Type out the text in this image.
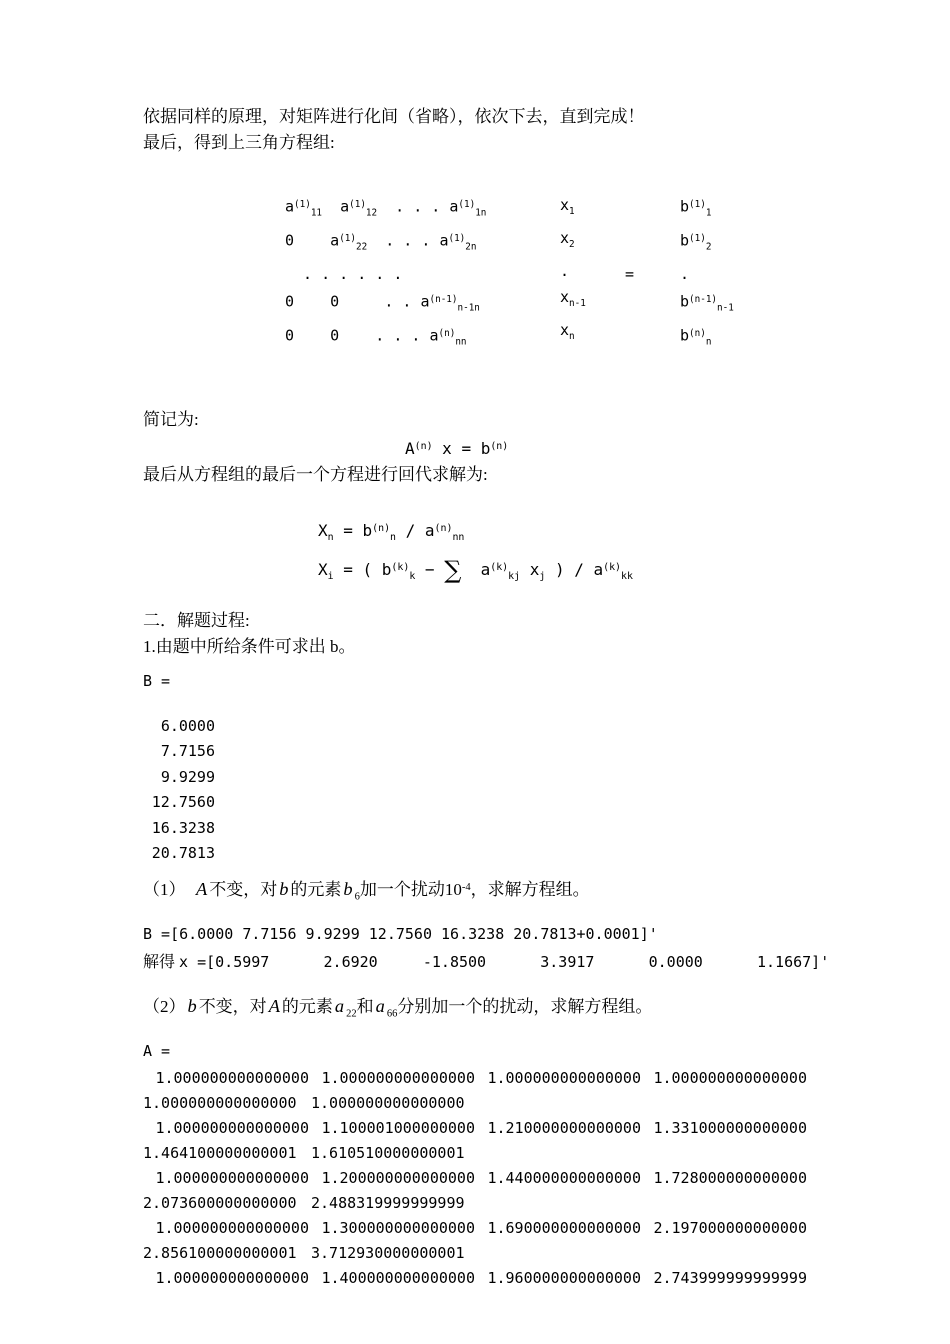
依据同样的原理，对矩阵进行化间（省略），依次下去，直到完成！

最后，得到上三角方程组:

$a^{(1)}_{11}$ $a^{(1)}_{12}$  . . . $a^{(1)}_{1n}$
0 $a^{(1)}_{22}$  . . . $a^{(1)}_{2n}$
. . . . . .
0    0     . . $a^{(n-1)}_{n-1n}$
0    0    . . . $a^{(n)}_{nn}$
$x_1$
$x_2$
.
$x_{n-1}$
$x_n$
=
$b^{(1)}_1$
$b^{(1)}_2$
.
$b^{(n-1)}_{n-1}$
$b^{(n)}_n$

简记为:

$A^{(n)}$ $x = b^{(n)}$

最后从方程组的最后一个方程进行回代求解为:

$X_n = b^{(n)}_n / a^{(n)}_{nn}$
$X_i$ = ( $b^{(k)}_k$ − ∑  $a^{(k)}_{kj}$ $x_j$ ) / $a^{(k)}_{kk}$

二．解题过程:

1.由题中所给条件可求出 b。

B =
6.0000
7.7156
9.9299
12.7560
16.3238
20.7813

（1）　A 不变，对 b 的元素 b $_6$加一个扰动$10^{-4}$，求解方程组。

B =[6.0000 7.7156 9.9299 12.7560 16.3238 20.7813+0.0001]'
解得 x =[0.5997      2.6920     -1.8500      3.3917      0.0000      1.1667]'

（2） b 不变，对 A 的元素 a $_{22}$和 a $_{66}$分别加一个的扰动，求解方程组。

A =
1.000000000000000 1.000000000000000 1.000000000000000 1.000000000000000
1.000000000000000 1.000000000000000
1.000000000000000 1.100001000000000 1.210000000000000 1.331000000000000
1.464100000000001 1.610510000000001
1.000000000000000 1.200000000000000 1.440000000000000 1.728000000000000
2.073600000000000 2.488319999999999
1.000000000000000 1.300000000000000 1.690000000000000 2.197000000000000
2.856100000000001 3.712930000000001
1.000000000000000 1.400000000000000 1.960000000000000 2.743999999999999
